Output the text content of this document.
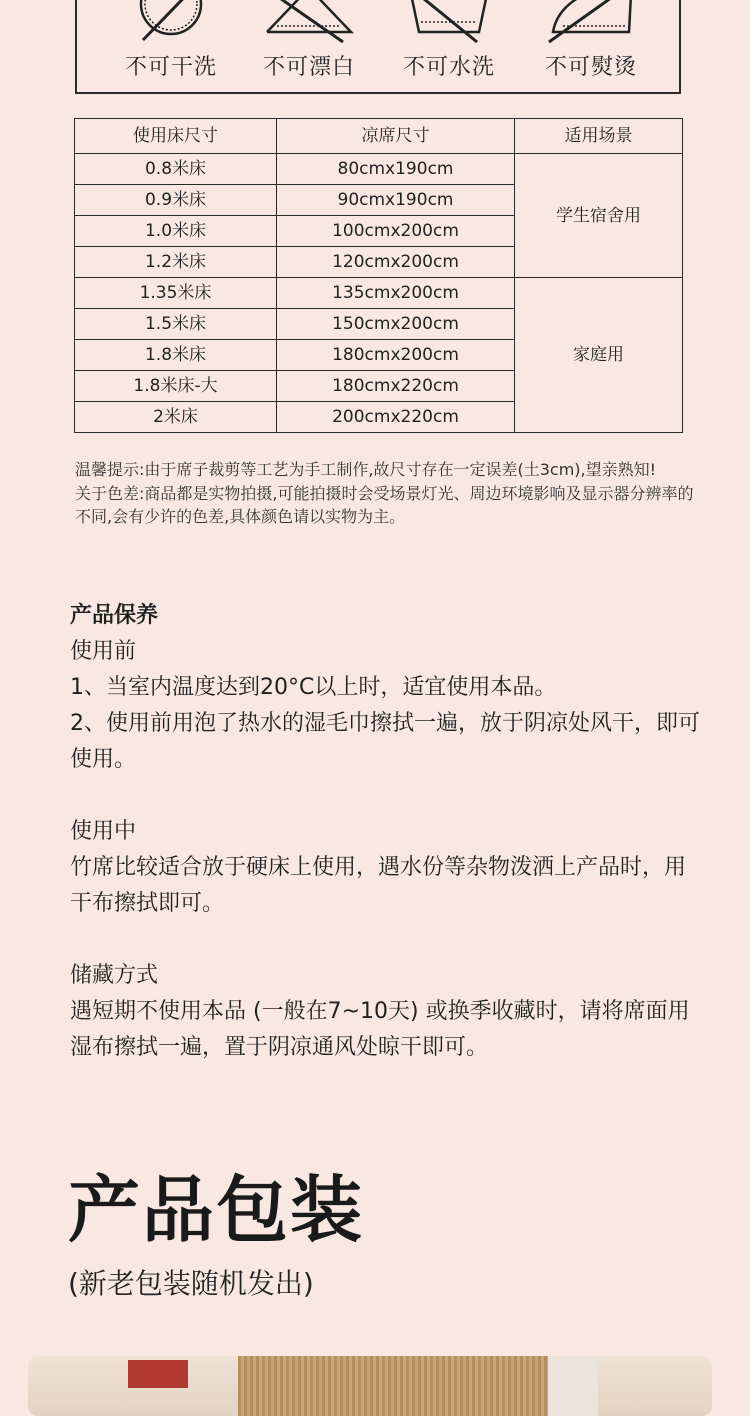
不可干洗	不可漂白	不可水洗	不可熨烫
使用床尺寸	凉席尺寸	适用场景
0.8米床	80cmx190cm	学生宿舍用
0.9米床	90cmx190cm	
1.0米床	100cmx200cm	
1.2米床	120cmx200cm	
1.35米床	135cmx200cm	家庭用
1.5米床	150cmx200cm	
1.8米床	180cmx200cm	
1.8米床-大	180cmx220cm	
2米床	200cmx220cm	

温馨提示:由于席子裁剪等工艺为手工制作,故尺寸存在一定误差(土3cm),望亲熟知!

关于色差:商品都是实物拍摄,可能拍摄时会受场景灯光、周边环境影响及显示器分辨率的不同,会有少许的色差,具体颜色请以实物为主。

产品保养

使用前

1、当室内温度达到20°C以上时，适宜使用本品。

2、使用前用泡了热水的湿毛巾擦拭一遍，放于阴凉处风干，即可使用。

使用中

竹席比较适合放于硬床上使用，遇水份等杂物泼洒上产品时，用干布擦拭即可。

储藏方式

遇短期不使用本品 (一般在7~10天) 或换季收藏时，请将席面用湿布擦拭一遍，置于阴凉通风处晾干即可。

产品包装

(新老包装随机发出)
